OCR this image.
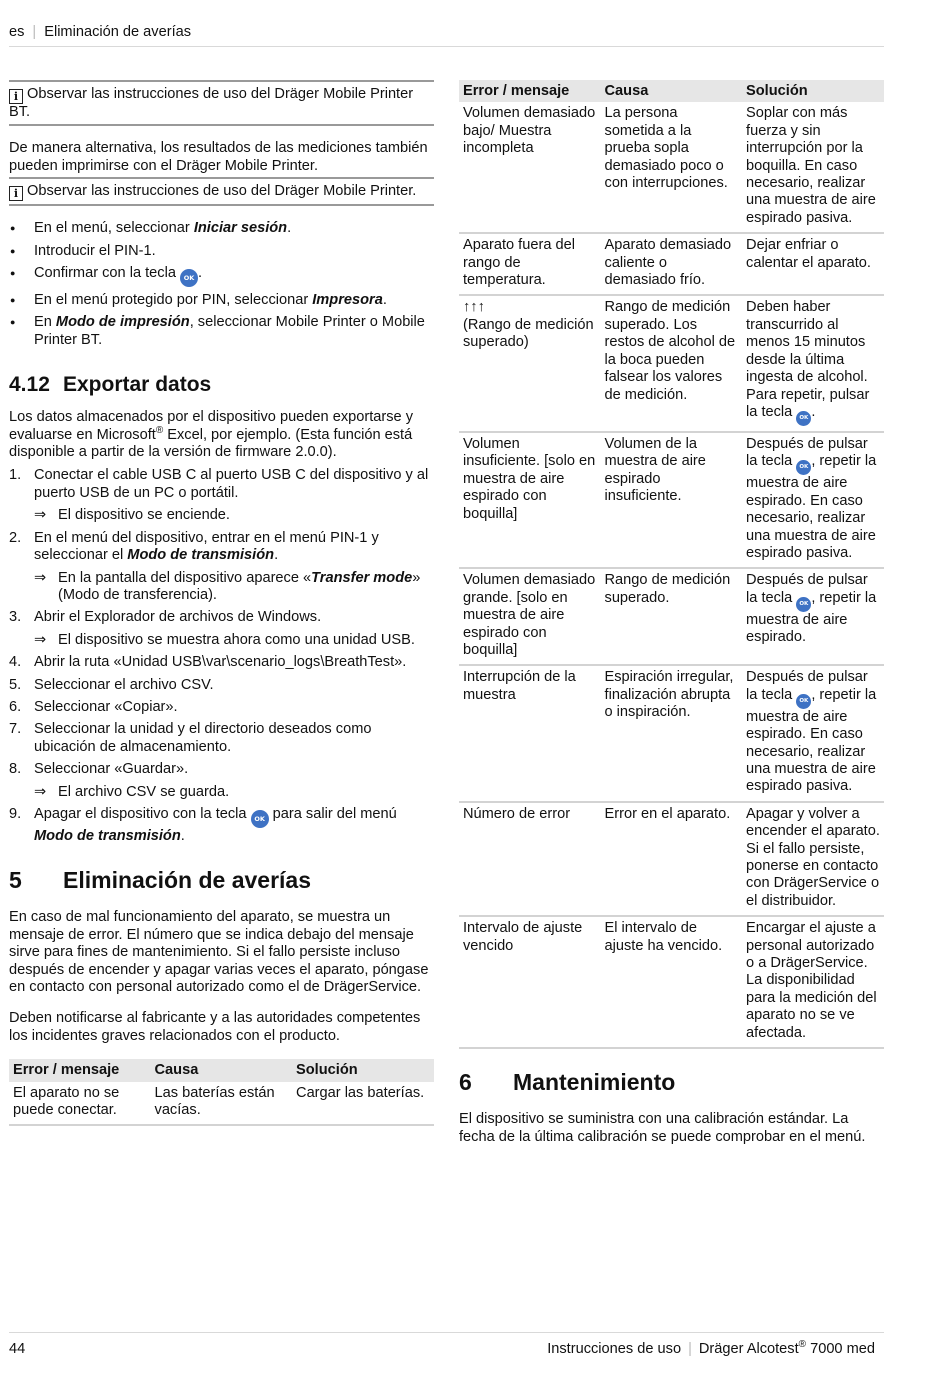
es | Eliminación de averías
i Observar las instrucciones de uso del Dräger Mobile Printer BT.

De manera alternativa, los resultados de las mediciones también pueden imprimirse con el Dräger Mobile Printer.

i Observar las instrucciones de uso del Dräger Mobile Printer.
● En el menú, seleccionar Iniciar sesión.
● Introducir el PIN-1.
● Confirmar con la tecla OK .
● En el menú protegido por PIN, seleccionar Impresora.
● En Modo de impresión, seleccionar Mobile Printer o Mobile Printer BT.
4.12 Exportar datos

Los datos almacenados por el dispositivo pueden exportarse y evaluarse en Microsoft® Excel, por ejemplo. (Esta función está disponible a partir de la versión de firmware 2.0.0).

1. Conectar el cable USB C al puerto USB C del dispositivo y al puerto USB de un PC o portátil.
⇒ El dispositivo se enciende.
2. En el menú del dispositivo, entrar en el menú PIN-1 y seleccionar el Modo de transmisión.
⇒ En la pantalla del dispositivo aparece «Transfer mode» (Modo de transferencia).
3. Abrir el Explorador de archivos de Windows.
⇒ El dispositivo se muestra ahora como una unidad USB.
4. Abrir la ruta «Unidad USB\var\scenario_logs\BreathTest».
5. Seleccionar el archivo CSV.
6. Seleccionar «Copiar».
7. Seleccionar la unidad y el directorio deseados como ubicación de almacenamiento.
8. Seleccionar «Guardar».
⇒ El archivo CSV se guarda.
9. Apagar el dispositivo con la tecla OK para salir del menú Modo de transmisión.
5 Eliminación de averías

En caso de mal funcionamiento del aparato, se muestra un mensaje de error. El número que se indica debajo del mensaje sirve para fines de mantenimiento. Si el fallo persiste incluso después de encender y apagar varias veces el aparato, póngase en contacto con personal autorizado como el de DrägerService.

Deben notificarse al fabricante y a las autoridades competentes los incidentes graves relacionados con el producto.

Error / mensaje	Causa	Solución
El aparato no se puede conectar.	Las baterías están vacías.	Cargar las baterías.
Error / mensaje	Causa	Solución
Volumen demasiado bajo/ Muestra incompleta	La persona sometida a la prueba sopla demasiado poco o con interrupciones.	Soplar con más fuerza y sin interrupción por la boquilla. En caso necesario, realizar una muestra de aire espirado pasiva.
Aparato fuera del rango de temperatura.	Aparato demasiado caliente o demasiado frío.	Dejar enfriar o calentar el aparato.

↑↑↑
(Rango de medición superado)	Rango de medición superado. Los restos de alcohol de la boca pueden falsear los valores de medición.	Deben haber transcurrido al menos 15 minutos desde la última ingesta de alcohol. Para repetir, pulsar la tecla OK .
Volumen insuficiente. [solo en muestra de aire espirado con boquilla]	Volumen de la muestra de aire espirado insuficiente.	Después de pulsar la tecla OK , repetir la muestra de aire espirado. En caso necesario, realizar una muestra de aire espirado pasiva.
Volumen demasiado grande. [solo en muestra de aire espirado con boquilla]	Rango de medición superado.	Después de pulsar la tecla OK , repetir la muestra de aire espirado.
Interrupción de la muestra	Espiración irregular, finalización abrupta o inspiración.	Después de pulsar la tecla OK , repetir la muestra de aire espirado. En caso necesario, realizar una muestra de aire espirado pasiva.
Número de error	Error en el aparato.	Apagar y volver a encender el aparato. Si el fallo persiste, ponerse en contacto con DrägerService o el distribuidor.
Intervalo de ajuste vencido	El intervalo de ajuste ha vencido.	Encargar el ajuste a personal autorizado o a DrägerService. La disponibilidad para la medición del aparato no se ve afectada.
6 Mantenimiento

El dispositivo se suministra con una calibración estándar. La fecha de la última calibración se puede comprobar en el menú.

44	Instrucciones de uso | Dräger Alcotest® 7000 med
